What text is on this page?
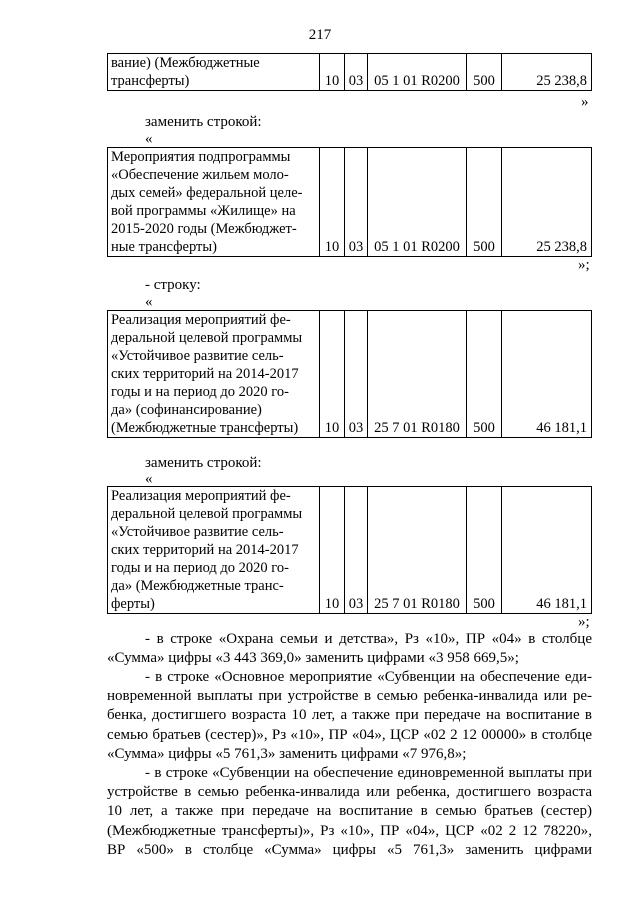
217
вание) (Межбюджетные
трансферты)	10	03	05 1 01 R0200	500	25 238,8
»
заменить строкой:
«
Мероприятия подпрограммы
«Обеспечение жильем моло-
дых семей» федеральной целе-
вой программы «Жилище» на
2015-2020 годы (Межбюджет-
ные трансферты)	10	03	05 1 01 R0200	500	25 238,8
»;
- строку:
«
Реализация мероприятий фе-
деральной целевой программы
«Устойчивое развитие сель-
ских территорий на 2014-2017
годы и на период до 2020 го-
да» (софинансирование)
(Межбюджетные трансферты)	10	03	25 7 01 R0180	500	46 181,1
заменить строкой:
«
Реализация мероприятий фе-
деральной целевой программы
«Устойчивое развитие сель-
ских территорий на 2014-2017
годы и на период до 2020 го-
да» (Межбюджетные транс-
ферты)	10	03	25 7 01 R0180	500	46 181,1
»;
- в строке «Охрана семьи и детства», Рз «10», ПР «04» в столбце
«Сумма» цифры «3 443 369,0» заменить цифрами «3 958 669,5»;
- в строке «Основное мероприятие «Субвенции на обеспечение еди-
новременной выплаты при устройстве в семью ребенка-инвалида или ре-
бенка, достигшего возраста 10 лет, а также при передаче на воспитание в
семью братьев (сестер)», Рз «10», ПР «04», ЦСР «02 2 12 00000» в столбце
«Сумма» цифры «5 761,3» заменить цифрами «7 976,8»;
- в строке «Субвенции на обеспечение единовременной выплаты при
устройстве в семью ребенка-инвалида или ребенка, достигшего возраста
10 лет, а также при передаче на воспитание в семью братьев (сестер)
(Межбюджетные трансферты)», Рз «10», ПР «04», ЦСР «02 2 12 78220»,
ВР «500» в столбце «Сумма» цифры «5 761,3» заменить цифрами
